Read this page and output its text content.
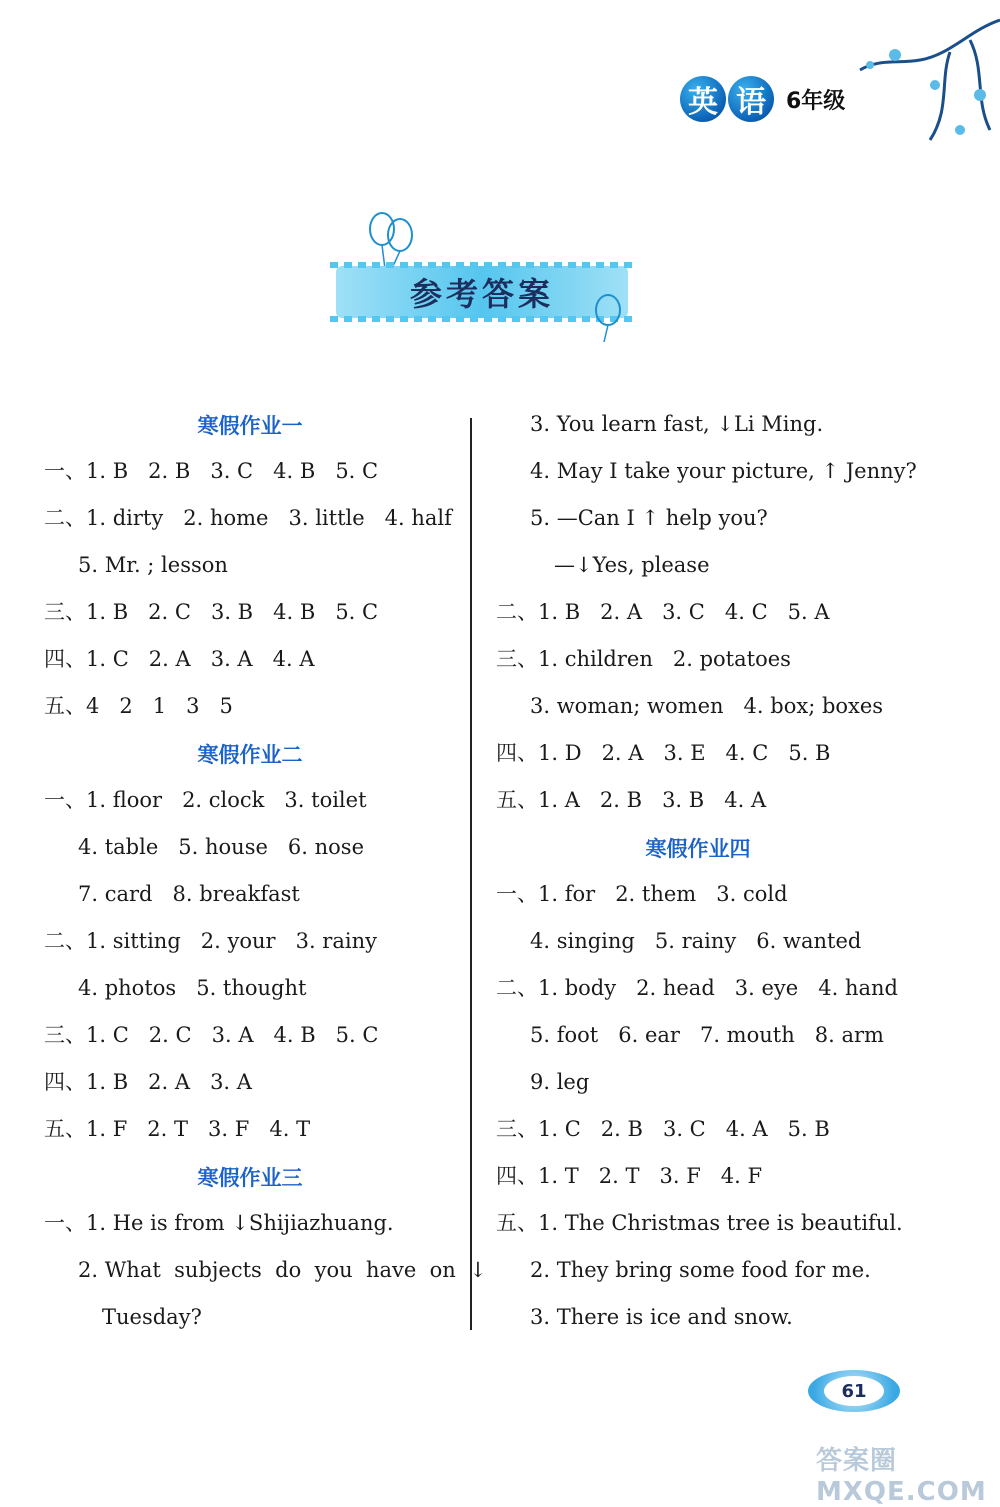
英 语 6年级
参考答案
寒假作业一
一、1. B   2. B   3. C   4. B   5. C
二、1. dirty   2. home   3. little   4. half
5. Mr. ; lesson
三、1. B   2. C   3. B   4. B   5. C
四、1. C   2. A   3. A   4. A
五、4   2   1   3   5
寒假作业二
一、1. floor   2. clock   3. toilet
4. table   5. house   6. nose
7. card   8. breakfast
二、1. sitting   2. your   3. rainy
4. photos   5. thought
三、1. C   2. C   3. A   4. B   5. C
四、1. B   2. A   3. A
五、1. F   2. T   3. F   4. T
寒假作业三
一、1. He is from ↓Shijiazhuang.
2. What  subjects  do  you  have  on  ↓
Tuesday?
3. You learn fast, ↓Li Ming.
4. May I take your picture, ↑ Jenny?
5. —Can I ↑ help you?
—↓Yes, please
二、1. B   2. A   3. C   4. C   5. A
三、1. children   2. potatoes
3. woman; women   4. box; boxes
四、1. D   2. A   3. E   4. C   5. B
五、1. A   2. B   3. B   4. A
寒假作业四
一、1. for   2. them   3. cold
4. singing   5. rainy   6. wanted
二、1. body   2. head   3. eye   4. hand
5. foot   6. ear   7. mouth   8. arm
9. leg
三、1. C   2. B   3. C   4. A   5. B
四、1. T   2. T   3. F   4. F
五、1. The Christmas tree is beautiful.
2. They bring some food for me.
3. There is ice and snow.
61
答案圈 MXQE.COM
